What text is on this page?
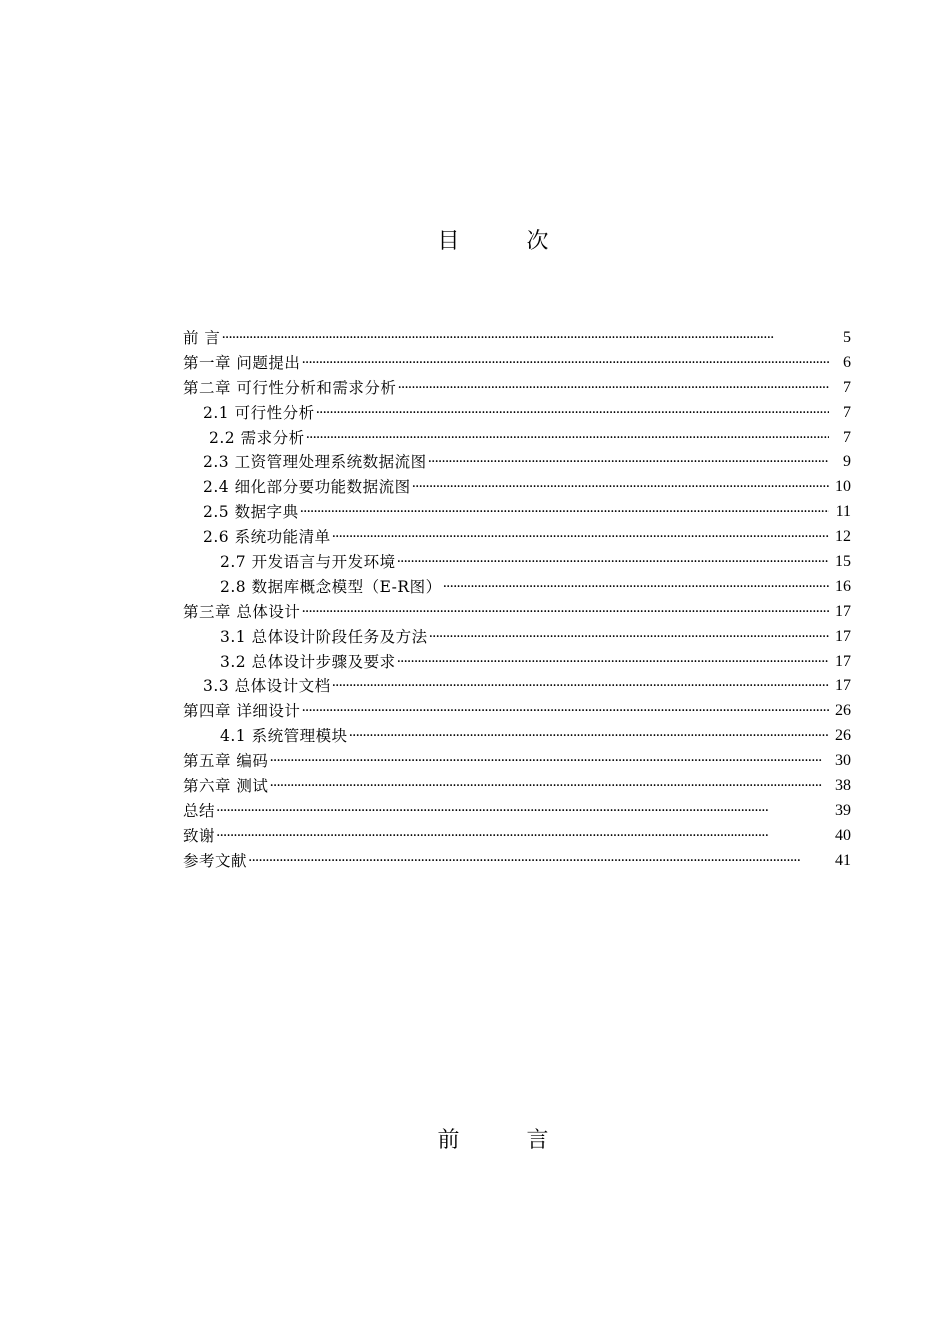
目 次
前 言 ·····	5
第一章 问题提出 ·····	6
第二章 可行性分析和需求分析 ·····	7
2.1 可行性分析 ·····	7
2.2 需求分析 ·····	7
2.3 工资管理处理系统数据流图 ·····	9
2.4 细化部分要功能数据流图 ·····	10
2.5 数据字典 ·····	11
2.6 系统功能清单 ·····	12
2.7 开发语言与开发环境 ·····	15
2.8 数据库概念模型（E-R图） ·····	16
第三章 总体设计 ·····	17
3.1 总体设计阶段任务及方法 ·····	17
3.2 总体设计步骤及要求 ·····	17
3.3 总体设计文档 ·····	17
第四章 详细设计 ·····	26
4.1 系统管理模块 ·····	26
第五章 编码 ·····	30
第六章 测试 ·····	38
总结 ·····	39
致谢 ·····	40
参考文献 ·····	41
前 言
